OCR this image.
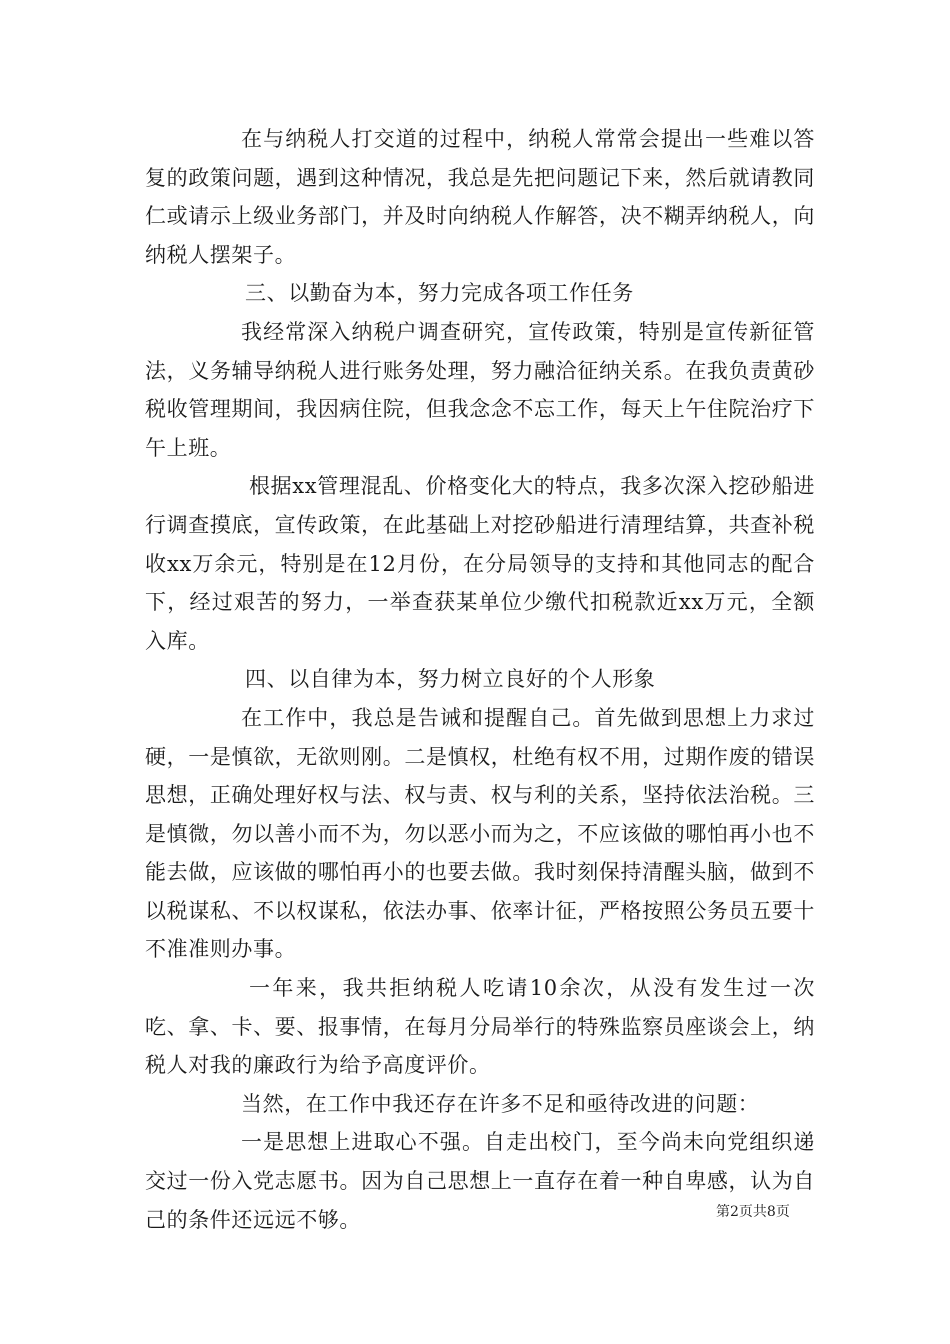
在与纳税人打交道的过程中，纳税人常常会提出一些难以答复的政策问题，遇到这种情况，我总是先把问题记下来，然后就请教同仁或请示上级业务部门，并及时向纳税人作解答，决不糊弄纳税人，向纳税人摆架子。

三、以勤奋为本，努力完成各项工作任务

我经常深入纳税户调查研究，宣传政策，特别是宣传新征管法，义务辅导纳税人进行账务处理，努力融洽征纳关系。在我负责黄砂税收管理期间，我因病住院，但我念念不忘工作，每天上午住院治疗下午上班。

根据xx管理混乱、价格变化大的特点，我多次深入挖砂船进行调查摸底，宣传政策，在此基础上对挖砂船进行清理结算，共查补税收xx万余元，特别是在12月份，在分局领导的支持和其他同志的配合下，经过艰苦的努力，一举查获某单位少缴代扣税款近xx万元，全额入库。

四、以自律为本，努力树立良好的个人形象

在工作中，我总是告诫和提醒自己。首先做到思想上力求过硬，一是慎欲，无欲则刚。二是慎权，杜绝有权不用，过期作废的错误思想，正确处理好权与法、权与责、权与利的关系，坚持依法治税。三是慎微，勿以善小而不为，勿以恶小而为之，不应该做的哪怕再小也不能去做，应该做的哪怕再小的也要去做。我时刻保持清醒头脑，做到不以税谋私、不以权谋私，依法办事、依率计征，严格按照公务员五要十不准准则办事。

一年来，我共拒纳税人吃请10余次，从没有发生过一次吃、拿、卡、要、报事情，在每月分局举行的特殊监察员座谈会上，纳税人对我的廉政行为给予高度评价。

当然，在工作中我还存在许多不足和亟待改进的问题：

一是思想上进取心不强。自走出校门，至今尚未向党组织递交过一份入党志愿书。因为自己思想上一直存在着一种自卑感，认为自己的条件还远远不够。	第2页共8页
